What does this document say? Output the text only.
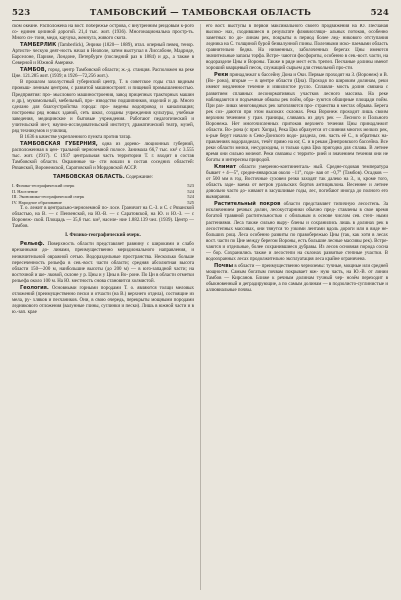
523	ТАМБОВСКИЙ — ТАМБОВСКАЯ ОБЛАСТЬ	524

ском океане. Расположена на вост. побережье острова, с внутренним рейдовым к-рого со- единен целиной дорогой. 21,4 тыс. жит. (1936). Многонациональна простр-ть. Много сн- тонн, меди, каучука, жемчуга, живого скота.

ТАМБЕРЛИК (Tamberlick), Энрико (1820— 1889), итал. оперный певец, тенор. Артисти- ческую деят-ность начал в Неаполе, затем выступал в Лиссабоне, Мадриде, Барселоне, Париже, Лондоне, Петербурге (последний раз в 1884) и др., а также в Северной и Южной Америке.

ТАМБОВ, город, центр Тамбовской области; ж.-д. станция. Расположен на реке Цне. 121.285 жит. (1939; в 1926—72,256 жит.).

В прошлом захолустный губернский центр, Т. в советское годы стал видным промыш- ленным центром, с развитой машиностроит. и пищевой промышленностью. Предприятия: про- мыслового машиностроения, завод прицепных тракторных машин и др.), мукомольный, мебельный, про- изводство подшипников, изделий и др. Много сделано для благоустройства города: про- ведены водопровод и канализация; построены ряд новых зданий, сеть школ, созданы учреждения культуры, учебные заведения, медицинские и бытовые учреждения. Работают педагогический и учительский ин-т, научно-исследовательский институт, драматический театр, музей, ряд техникумов и училищ.

В 1636 в качестве укрепленного пункта против татар.

ТАМБОВСКАЯ ГУБЕРНИЯ, одна из дорево- люционных губерний, расположенная в цен- тральной черноземной полосе. Занимала 66,7 тыс. км² с 3.555 тыс. жит. (1917). С 1937 центральная часть территории Т. г. входит в состав Тамбовской области. Окраинные ча- сти вошли в состав соседних областей: Рязанской, Воронежской, Саратовской и Мордовской АССР.

ТАМБОВСКАЯ ОБЛАСТЬ. Содержание:

I. Физико-географический очерк	523
II. Население	524
III. Экономико-географический очерк	524
IV. Народное образование	525

Т. о. лежит в центрально-черноземной по- лосе. Граничит на С.-З. и С. с Рязанской областью, на В. — с Пензенской, на Ю.-В. — с Саратовской, на Ю. и Ю.-З. — с Воронеж- ской. Площадь — 35,6 тыс. км², населе- ние 1.882.139 чел. (1939). Центр — Тамбов.

I. Физико-географический очерк.

Рельеф. Поверхность области представляет равнину с широкими и слабо врезанными до- линами, преимущественно меридионального направления, и незначительной овражной сетью. Водораздельные пространства. Несколько больше пересеченность рельефа в сев.-вост. части области; средняя абсолютная высота области 150—200 м, наибольшие высоты (до 200 м) — в юго-западной части; на восточной и ше- лковой, склоне у р. Цны и у Цны в Во- роне. По Цн в области отметки рельефа около 100 м. На Ю. местность снова становится холмистой.

Геология. Основными горными породами Т. о. являются толщи меловых отложений (преимущественно пески и отчасти (на В.) верхнего отдела), состоящие из мела, ру- хляков и песчаников. Они, в свою очередь, перекрыты мощными породами ледникового отложения (валунные глины, суглинки и пески). Лишь в южной части и в ю.-зап. крае

его вост. выступы в первой максимального своего продвижения на Ю. Песчаная высоко- нах, сходившиеся в результате флювиогляци- альных потоков, особенно заметных по до- линам рек, покрыты в период более лед- никового отступания ледника на С. толщиной бурой безвалунной глины. Полезными иско- паемыми область сравнительно бедна. На низменных, заболоченных берегах Цны имеются значительные запасы торфа. Встре- чаются фосфориты, особенно в сев.-вост. части, на водоразделе Цны и Вороны. Также в ряде мест есть трепел. Песчаные долины имеют хороший кварцевый песок, служащий сырьем для стекольной про-сти.

Реки принадлежат к бассейну Дона и Оки. Первые проходят на З. (Воронеж) и В. (Во- рона), вторые — в центре области (Цна). Проходя по широким долинам, реки имеют медленное течение и извилистое русло. Сплавля- мость долин связана с развитием сплавных лесонормативных участков лесного массива. На реке наблюдаются и подъемные обвалы рек пойм, обра- зуются обширные площади пойм. При раз- ливах многоводных рек затопляются про- странства в местах обрыва. Берега рек соз- даются при этом высоких склонах. Река Воронеж проходит лишь своим верхним течением у гран. границы, сливаясь из двух рек — Лесного и Польного Воронежа. Нет многочисленных притоков верхнего течения Цны принадлежит области. Во- рона (с прит. Хопра), Река Цна образуется от слияния многих мелких рек, к-рые берут начало в Сево-Донского водо- раздела, сев. часть её С., в обратных на- правлениях водоразделах, течёт прямо на юг, С. и в рекам Днепровского бассейна. Все реки области мелки, несудоходны, и только одна Цна пригодна для сплава. В летнее время они сильно мелеют. Реки связаны с террито- рией и значением течения они не богаты и интересны природой.

Климат области умеренно-континенталь- ный. Средне-годовая температура бывает + 4—5°, средне-январская около −11°, годо- вая от −0,7° (Тамбов). Осадков — от 500 мм в год. Восточные суховеи резко заходят так далеко на З., и, кроме того, область заде- ваема от ветров уральских бортов антициклона. Весеннее и летнее довольно часто до- кивают в засушливые годы, лес, погибают иногда до полного его вымирания.

Растительный покров области представляет типичную лесостепь. За исключением речных долин, лесокустарники обычно пред- ставлены в свое время богатой травяной растительностью с обильным в основе числом сев. степ- ными растениями. Леса также сильно выру- блены и сохранились лишь в долинах рек в лесостепных массивах, они тянутся то узкими лентами вдоль дороги или в виде не- больших рощ. Леса особенно развиты по правобережью Цны (так, как хотя в лесах вост. части по Цне между берегом Вороны, есть большие лесные массивы рек). Встре- чаются и отдельные, более сохранившиеся дубравы. Из лесов основная порода сосна — бор. Сохранились также и лесостепи на склонах развитые степные участки. В водоохранных лесах продолжительно эксплуатация леса крайне ограничена.

Почвы в области — преимущественно черноземы: тучные, мощные или средней мощности. Самым богатым почвам покрывает юж- ную часть, на Ю.-В. от линии Тамбов — Кирсанов. Ближе к речным долинам тучный чер- нозём переходит в обыкновенный и деградирующие, а по самым долинам — в подзолисто-суглинистые и аллювиальные почвы.
